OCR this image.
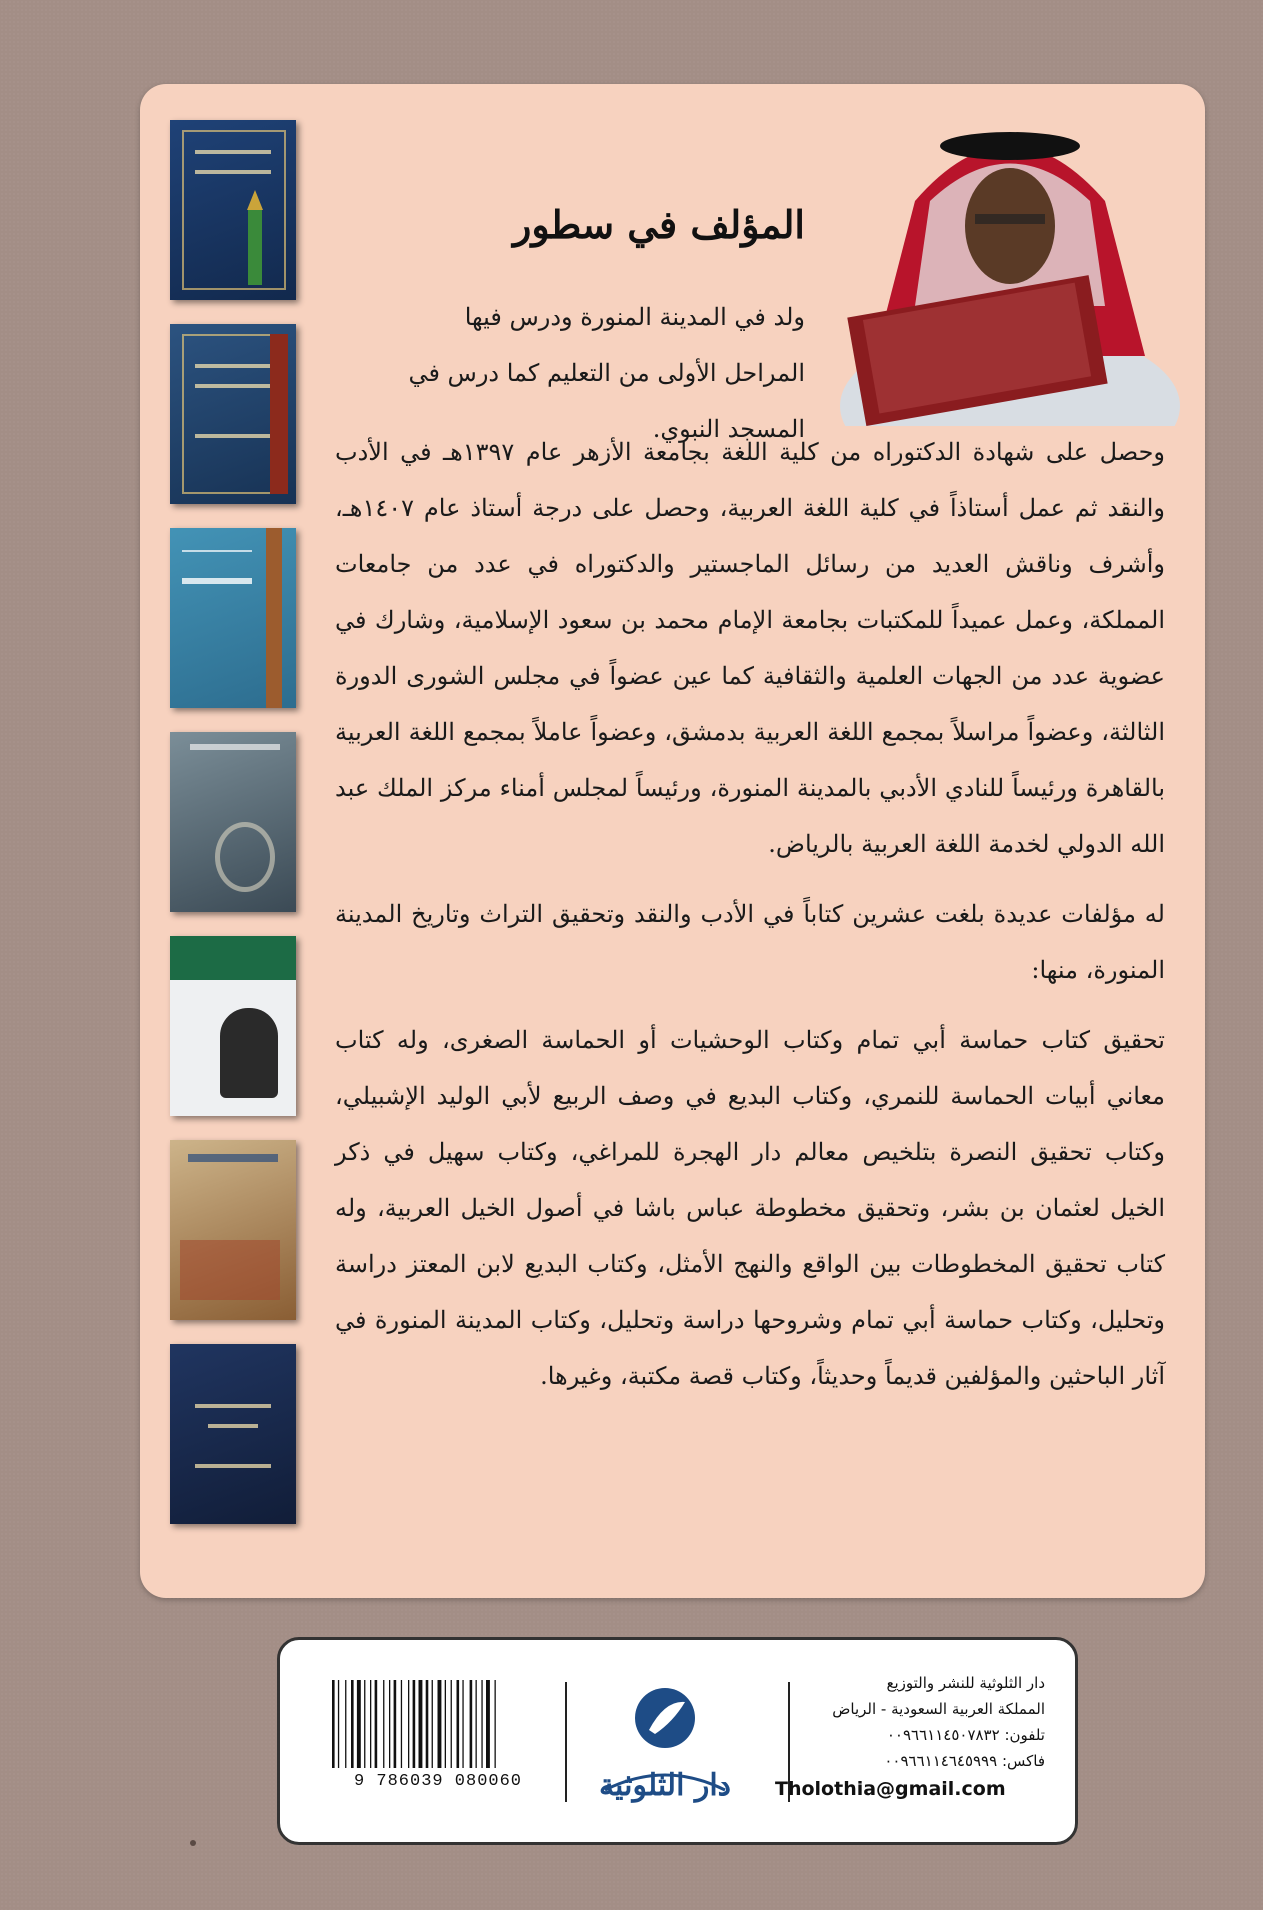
المؤلف في سطور
ولد في المدينة المنورة ودرس فيها المراحل الأولى من التعليم كما درس في المسجد النبوي.

وحصل على شهادة الدكتوراه من كلية اللغة بجامعة الأزهر عام ١٣٩٧هـ في الأدب والنقد ثم عمل أستاذاً في كلية اللغة العربية، وحصل على درجة أستاذ عام ١٤٠٧هـ، وأشرف وناقش العديد من رسائل الماجستير والدكتوراه في عدد من جامعات المملكة، وعمل عميداً للمكتبات بجامعة الإمام محمد بن سعود الإسلامية، وشارك في عضوية عدد من الجهات العلمية والثقافية كما عين عضواً في مجلس الشورى الدورة الثالثة، وعضواً مراسلاً بمجمع اللغة العربية بدمشق، وعضواً عاملاً بمجمع اللغة العربية بالقاهرة ورئيساً للنادي الأدبي بالمدينة المنورة، ورئيساً لمجلس أمناء مركز الملك عبد الله الدولي لخدمة اللغة العربية بالرياض.

له مؤلفات عديدة بلغت عشرين كتاباً في الأدب والنقد وتحقيق التراث وتاريخ المدينة المنورة، منها:

تحقيق كتاب حماسة أبي تمام وكتاب الوحشيات أو الحماسة الصغرى، وله كتاب معاني أبيات الحماسة للنمري، وكتاب البديع في وصف الربيع لأبي الوليد الإشبيلي، وكتاب تحقيق النصرة بتلخيص معالم دار الهجرة للمراغي، وكتاب سهيل في ذكر الخيل لعثمان بن بشر، وتحقيق مخطوطة عباس باشا في أصول الخيل العربية، وله كتاب تحقيق المخطوطات بين الواقع والنهج الأمثل، وكتاب البديع لابن المعتز دراسة وتحليل، وكتاب حماسة أبي تمام وشروحها دراسة وتحليل، وكتاب المدينة المنورة في آثار الباحثين والمؤلفين قديماً وحديثاً، وكتاب قصة مكتبة، وغيرها.

9 786039 080060	دار الثلوثية
دار الثلوثية للنشر والتوزيع
المملكة العربية السعودية - الرياض
تلفون: ٠٠٩٦٦١١٤٥٠٧٨٣٢
فاكس: ٠٠٩٦٦١١٤٦٤٥٩٩٩
Tholothia@gmail.com
